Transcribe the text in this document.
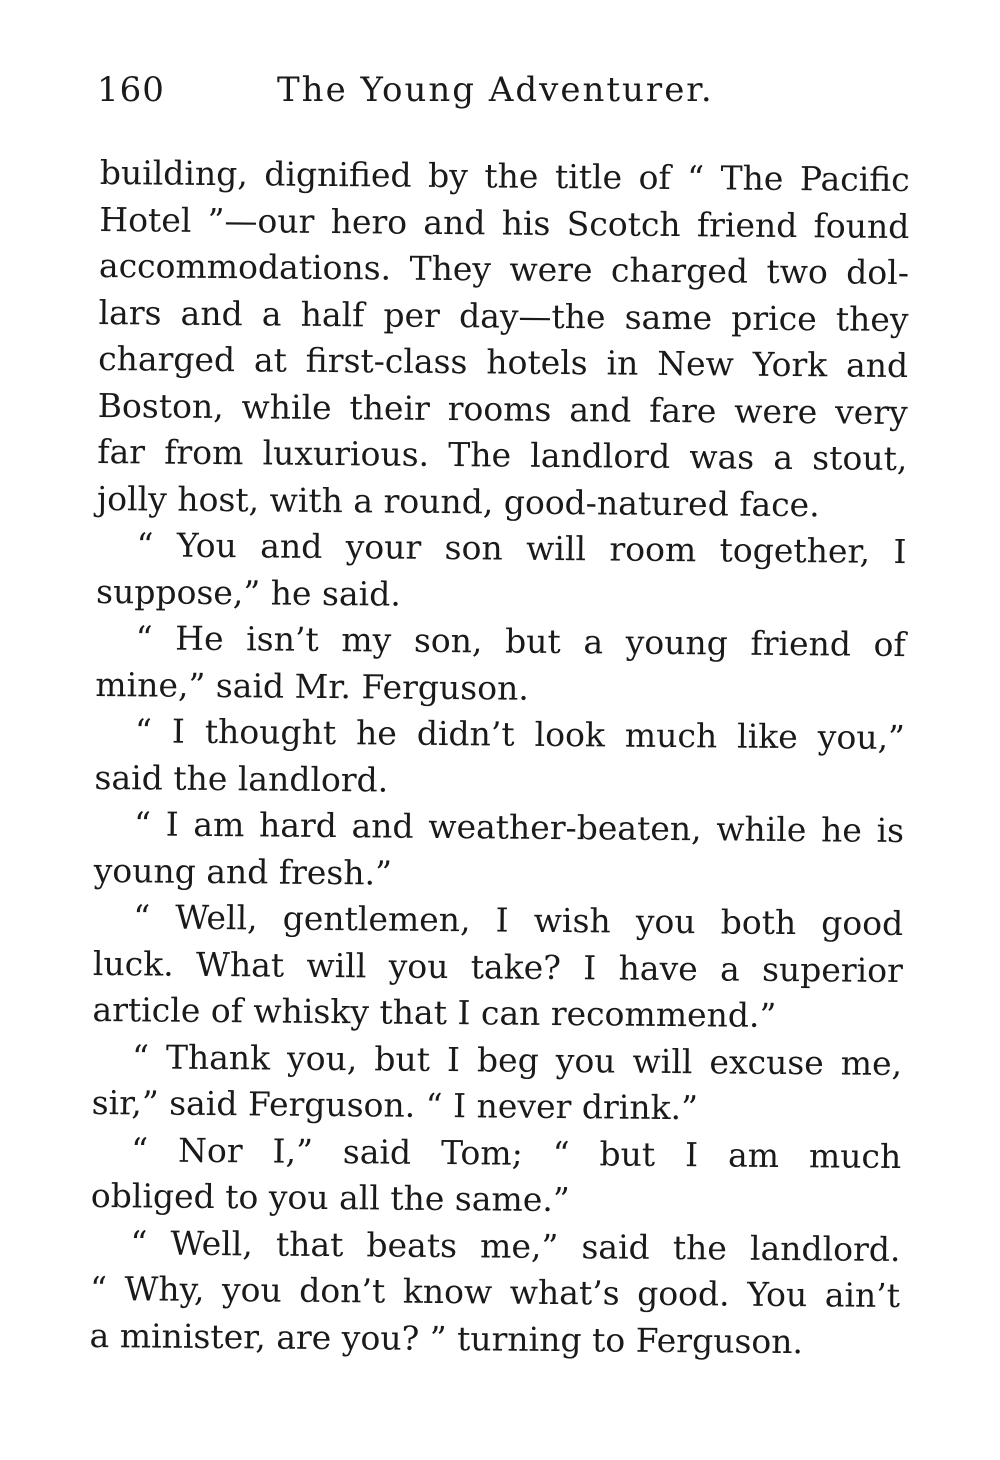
160	The Young Adventurer.
building, dignified by the title of “ The Pacific
Hotel ”—our hero and his Scotch friend found
accommodations. They were charged two dol-
lars and a half per day—the same price they
charged at first-class hotels in New York and
Boston, while their rooms and fare were very
far from luxurious. The landlord was a stout,
jolly host, with a round, good-natured face.
“ You and your son will room together, I
suppose,” he said.
“ He isn’t my son, but a young friend of
mine,” said Mr. Ferguson.
“ I thought he didn’t look much like you,”
said the landlord.
“ I am hard and weather-beaten, while he is
young and fresh.”
“ Well, gentlemen, I wish you both good
luck. What will you take? I have a superior
article of whisky that I can recommend.”
“ Thank you, but I beg you will excuse me,
sir,” said Ferguson. “ I never drink.”
“ Nor I,” said Tom; “ but I am much
obliged to you all the same.”
“ Well, that beats me,” said the landlord.
“ Why, you don’t know what’s good. You ain’t
a minister, are you? ” turning to Ferguson.
